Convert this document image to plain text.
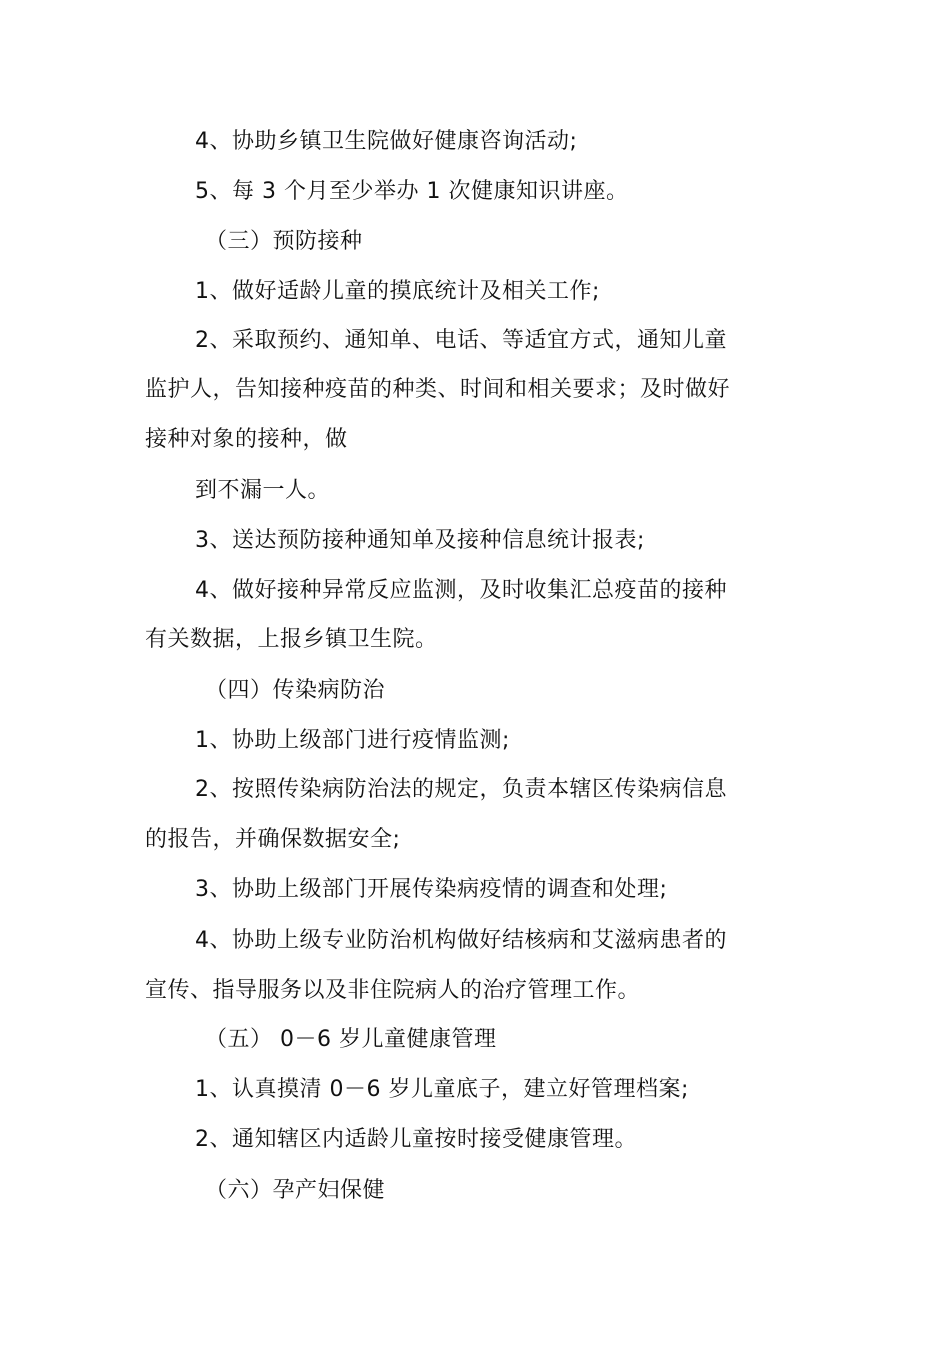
4、协助乡镇卫生院做好健康咨询活动;
5、每 3 个月至少举办 1 次健康知识讲座。
（三）预防接种
1、做好适龄儿童的摸底统计及相关工作;
2、采取预约、通知单、电话、等适宜方式，通知儿童
监护人，告知接种疫苗的种类、时间和相关要求；及时做好
接种对象的接种，做
到不漏一人。
3、送达预防接种通知单及接种信息统计报表;
4、做好接种异常反应监测，及时收集汇总疫苗的接种
有关数据，上报乡镇卫生院。
（四）传染病防治
1、协助上级部门进行疫情监测;
2、按照传染病防治法的规定，负责本辖区传染病信息
的报告，并确保数据安全;
3、协助上级部门开展传染病疫情的调查和处理;
4、协助上级专业防治机构做好结核病和艾滋病患者的
宣传、指导服务以及非住院病人的治疗管理工作。
（五） 0－6 岁儿童健康管理
1、认真摸清 0－6 岁儿童底子，建立好管理档案;
2、通知辖区内适龄儿童按时接受健康管理。
（六）孕产妇保健
